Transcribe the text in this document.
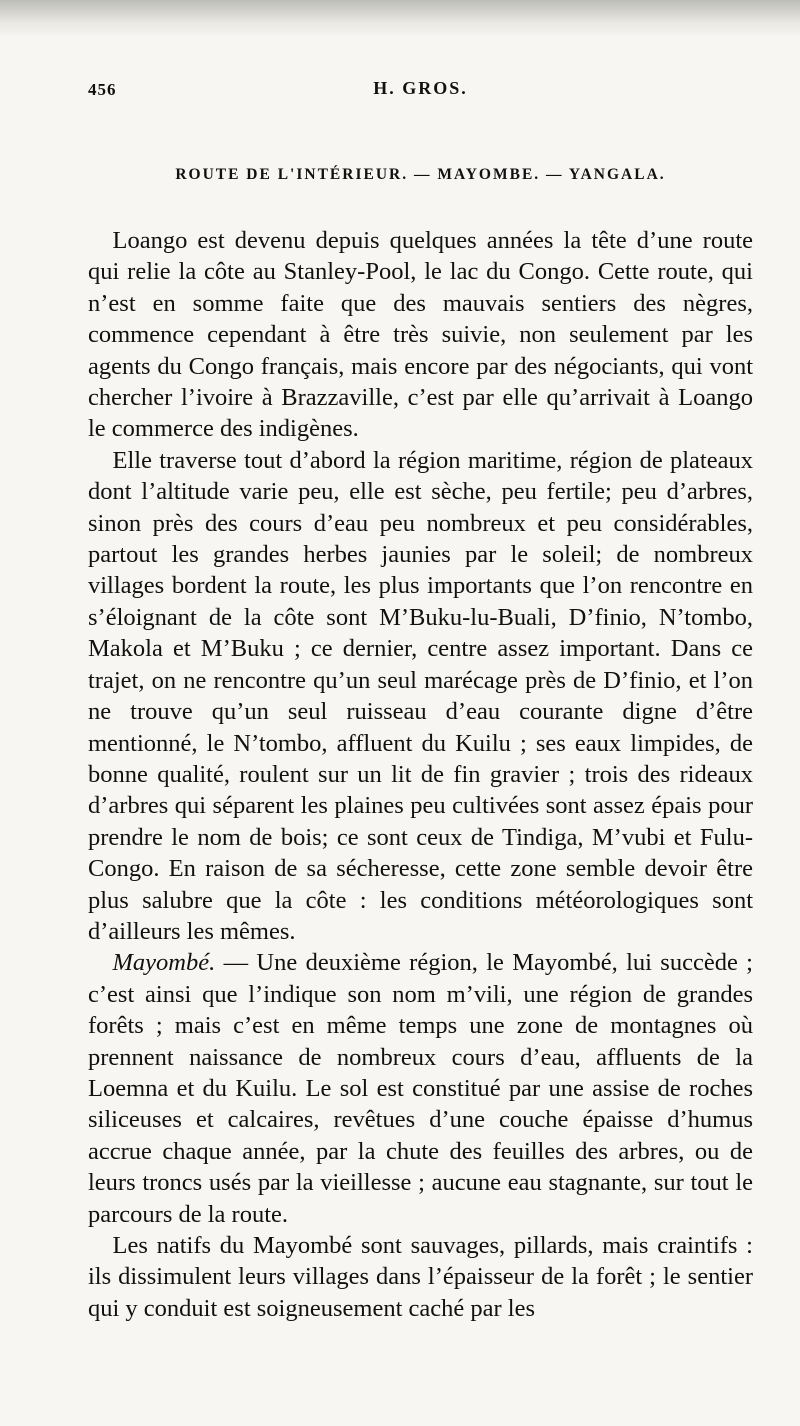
456	H. GROS.
ROUTE DE L'INTÉRIEUR. — MAYOMBE. — YANGALA.

 Loango est devenu depuis quelques années la tête d’une route qui relie la côte au Stanley-Pool, le lac du Congo. Cette route, qui n’est en somme faite que des mauvais sentiers des nègres, commence cependant à être très suivie, non seulement par les agents du Congo français, mais encore par des négociants, qui vont chercher l’ivoire à Brazzaville, c’est par elle qu’arrivait à Loango le commerce des indigènes.

 Elle traverse tout d’abord la région maritime, région de plateaux dont l’altitude varie peu, elle est sèche, peu fertile; peu d’arbres, sinon près des cours d’eau peu nombreux et peu considérables, partout les grandes herbes jaunies par le soleil; de nombreux villages bordent la route, les plus importants que l’on rencontre en s’éloignant de la côte sont M’Buku-lu-Buali, D’finio, N’tombo, Makola et M’Buku ; ce dernier, centre assez important. Dans ce trajet, on ne rencontre qu’un seul marécage près de D’finio, et l’on ne trouve qu’un seul ruisseau d’eau courante digne d’être mentionné, le N’tombo, affluent du Kuilu ; ses eaux limpides, de bonne qualité, roulent sur un lit de fin gravier ; trois des rideaux d’arbres qui séparent les plaines peu cultivées sont assez épais pour prendre le nom de bois; ce sont ceux de Tindiga, M’vubi et Fulu-Congo. En raison de sa sécheresse, cette zone semble devoir être plus salubre que la côte : les conditions météorologiques sont d’ailleurs les mêmes.

 Mayombé. — Une deuxième région, le Mayombé, lui succède ; c’est ainsi que l’indique son nom m’vili, une région de grandes forêts ; mais c’est en même temps une zone de montagnes où prennent naissance de nombreux cours d’eau, affluents de la Loemna et du Kuilu. Le sol est constitué par une assise de roches siliceuses et calcaires, revêtues d’une couche épaisse d’humus accrue chaque année, par la chute des feuilles des arbres, ou de leurs troncs usés par la vieillesse ; aucune eau stagnante, sur tout le parcours de la route.

 Les natifs du Mayombé sont sauvages, pillards, mais craintifs : ils dissimulent leurs villages dans l’épaisseur de la forêt ; le sentier qui y conduit est soigneusement caché par les
